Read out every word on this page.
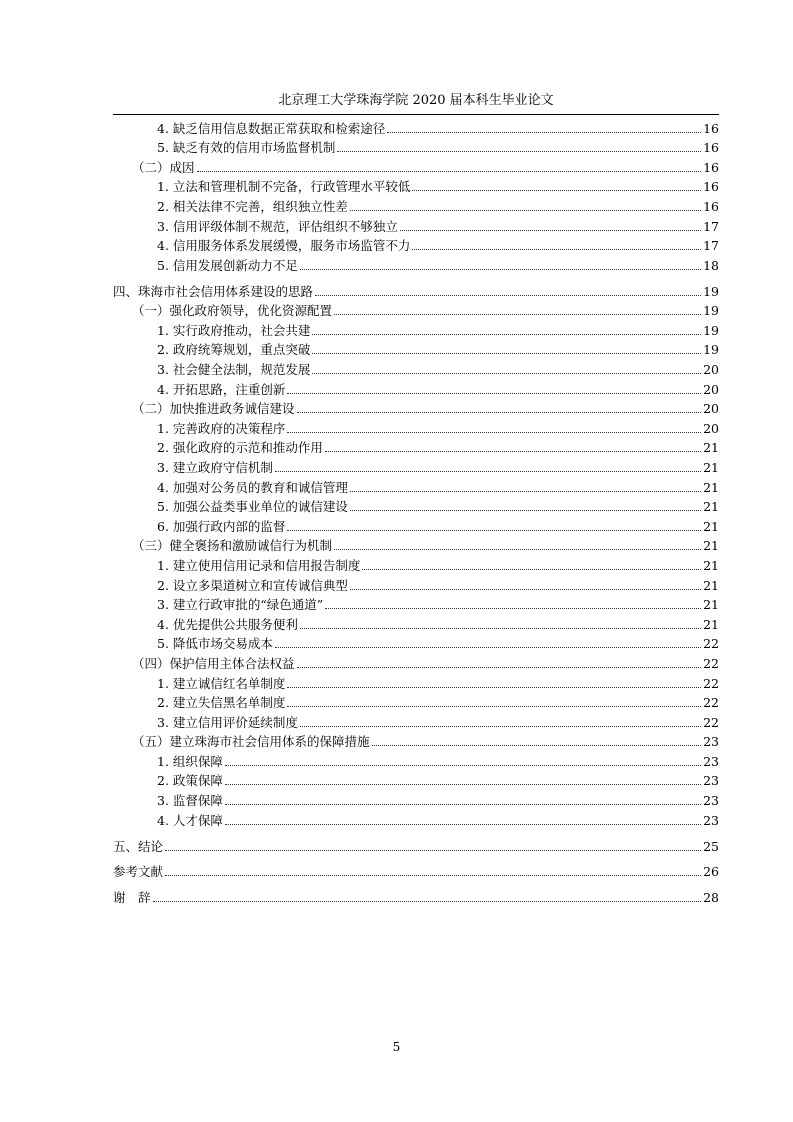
北京理工大学珠海学院 2020 届本科生毕业论文
4. 缺乏信用信息数据正常获取和检索途径	16
5. 缺乏有效的信用市场监督机制	16
（二）成因	16
1. 立法和管理机制不完备，行政管理水平较低	16
2. 相关法律不完善，组织独立性差	16
3. 信用评级体制不规范，评估组织不够独立	17
4. 信用服务体系发展缓慢，服务市场监管不力	17
5. 信用发展创新动力不足	18
四、珠海市社会信用体系建设的思路	19
（一）强化政府领导，优化资源配置	19
1. 实行政府推动，社会共建	19
2. 政府统筹规划，重点突破	19
3. 社会健全法制，规范发展	20
4. 开拓思路，注重创新	20
（二）加快推进政务诚信建设	20
1. 完善政府的决策程序	20
2. 强化政府的示范和推动作用	21
3. 建立政府守信机制	21
4. 加强对公务员的教育和诚信管理	21
5. 加强公益类事业单位的诚信建设	21
6. 加强行政内部的监督	21
（三）健全褒扬和激励诚信行为机制	21
1. 建立使用信用记录和信用报告制度	21
2. 设立多渠道树立和宣传诚信典型	21
3. 建立行政审批的“绿色通道”	21
4. 优先提供公共服务便利	21
5. 降低市场交易成本	22
（四）保护信用主体合法权益	22
1. 建立诚信红名单制度	22
2. 建立失信黑名单制度	22
3. 建立信用评价延续制度	22
（五）建立珠海市社会信用体系的保障措施	23
1. 组织保障	23
2. 政策保障	23
3. 监督保障	23
4. 人才保障	23
五、结论	25
参考文献	26
谢　辞	28
5
